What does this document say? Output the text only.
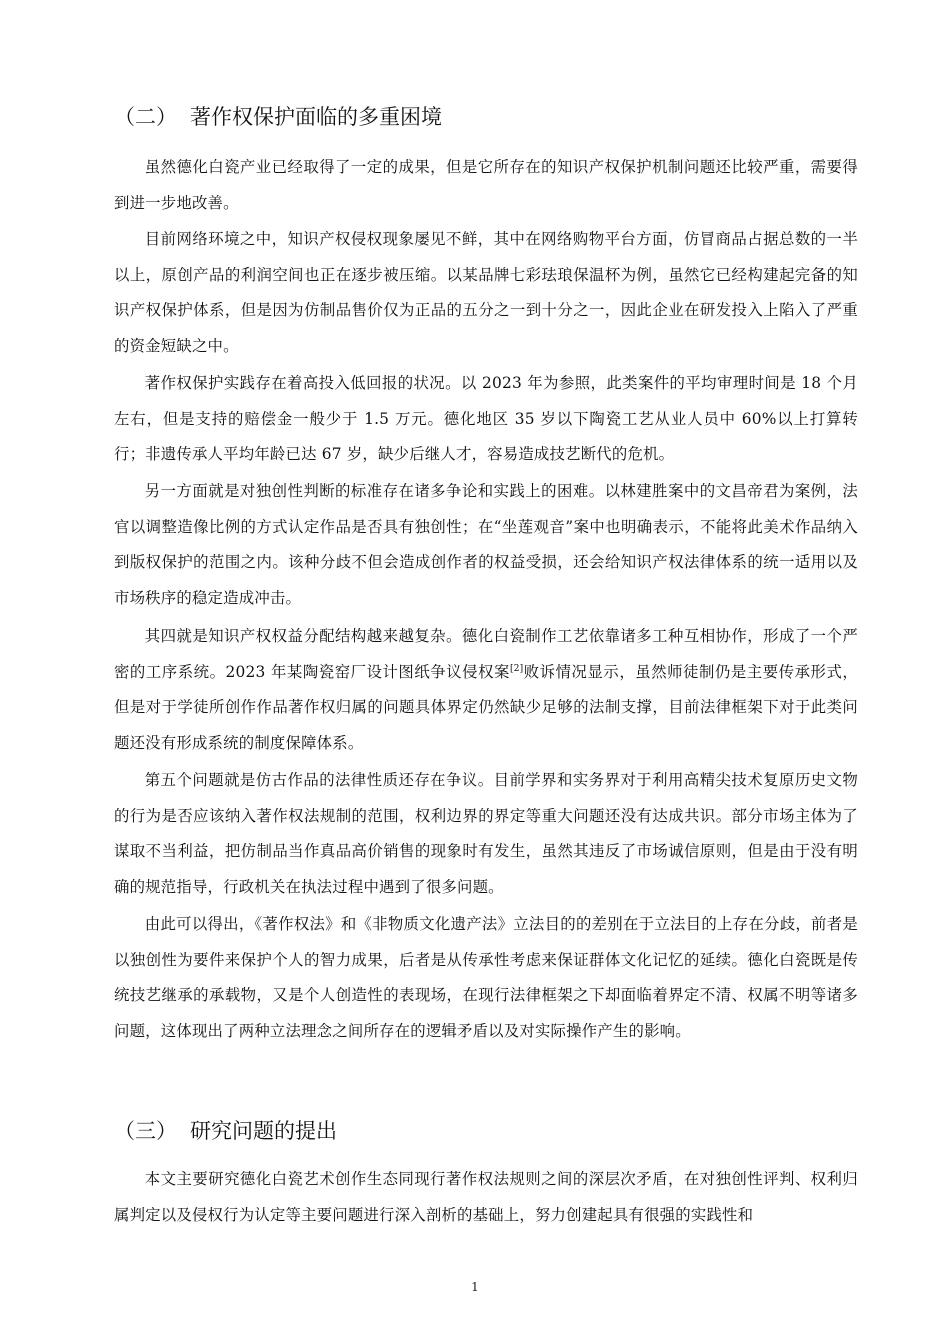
（二） 著作权保护面临的多重困境

虽然德化白瓷产业已经取得了一定的成果，但是它所存在的知识产权保护机制问题还比较严重，需要得到进一步地改善。

目前网络环境之中，知识产权侵权现象屡见不鲜，其中在网络购物平台方面，仿冒商品占据总数的一半以上，原创产品的利润空间也正在逐步被压缩。以某品牌七彩珐琅保温杯为例，虽然它已经构建起完备的知识产权保护体系，但是因为仿制品售价仅为正品的五分之一到十分之一，因此企业在研发投入上陷入了严重的资金短缺之中。

著作权保护实践存在着高投入低回报的状况。以 2023 年为参照，此类案件的平均审理时间是 18 个月左右，但是支持的赔偿金一般少于 1.5 万元。德化地区 35 岁以下陶瓷工艺从业人员中 60%以上打算转行；非遗传承人平均年龄已达 67 岁，缺少后继人才，容易造成技艺断代的危机。

另一方面就是对独创性判断的标准存在诸多争论和实践上的困难。以林建胜案中的文昌帝君为案例，法官以调整造像比例的方式认定作品是否具有独创性；在“坐莲观音”案中也明确表示，不能将此美术作品纳入到版权保护的范围之内。该种分歧不但会造成创作者的权益受损，还会给知识产权法律体系的统一适用以及市场秩序的稳定造成冲击。

其四就是知识产权权益分配结构越来越复杂。德化白瓷制作工艺依靠诸多工种互相协作，形成了一个严密的工序系统。2023 年某陶瓷窑厂设计图纸争议侵权案[2]败诉情况显示，虽然师徒制仍是主要传承形式，但是对于学徒所创作作品著作权归属的问题具体界定仍然缺少足够的法制支撑，目前法律框架下对于此类问题还没有形成系统的制度保障体系。

第五个问题就是仿古作品的法律性质还存在争议。目前学界和实务界对于利用高精尖技术复原历史文物的行为是否应该纳入著作权法规制的范围，权利边界的界定等重大问题还没有达成共识。部分市场主体为了谋取不当利益，把仿制品当作真品高价销售的现象时有发生，虽然其违反了市场诚信原则，但是由于没有明确的规范指导，行政机关在执法过程中遇到了很多问题。

由此可以得出，《著作权法》和《非物质文化遗产法》立法目的的差别在于立法目的上存在分歧，前者是以独创性为要件来保护个人的智力成果，后者是从传承性考虑来保证群体文化记忆的延续。德化白瓷既是传统技艺继承的承载物，又是个人创造性的表现场，在现行法律框架之下却面临着界定不清、权属不明等诸多问题，这体现出了两种立法理念之间所存在的逻辑矛盾以及对实际操作产生的影响。

（三） 研究问题的提出

本文主要研究德化白瓷艺术创作生态同现行著作权法规则之间的深层次矛盾，在对独创性评判、权利归属判定以及侵权行为认定等主要问题进行深入剖析的基础上，努力创建起具有很强的实践性和

1
